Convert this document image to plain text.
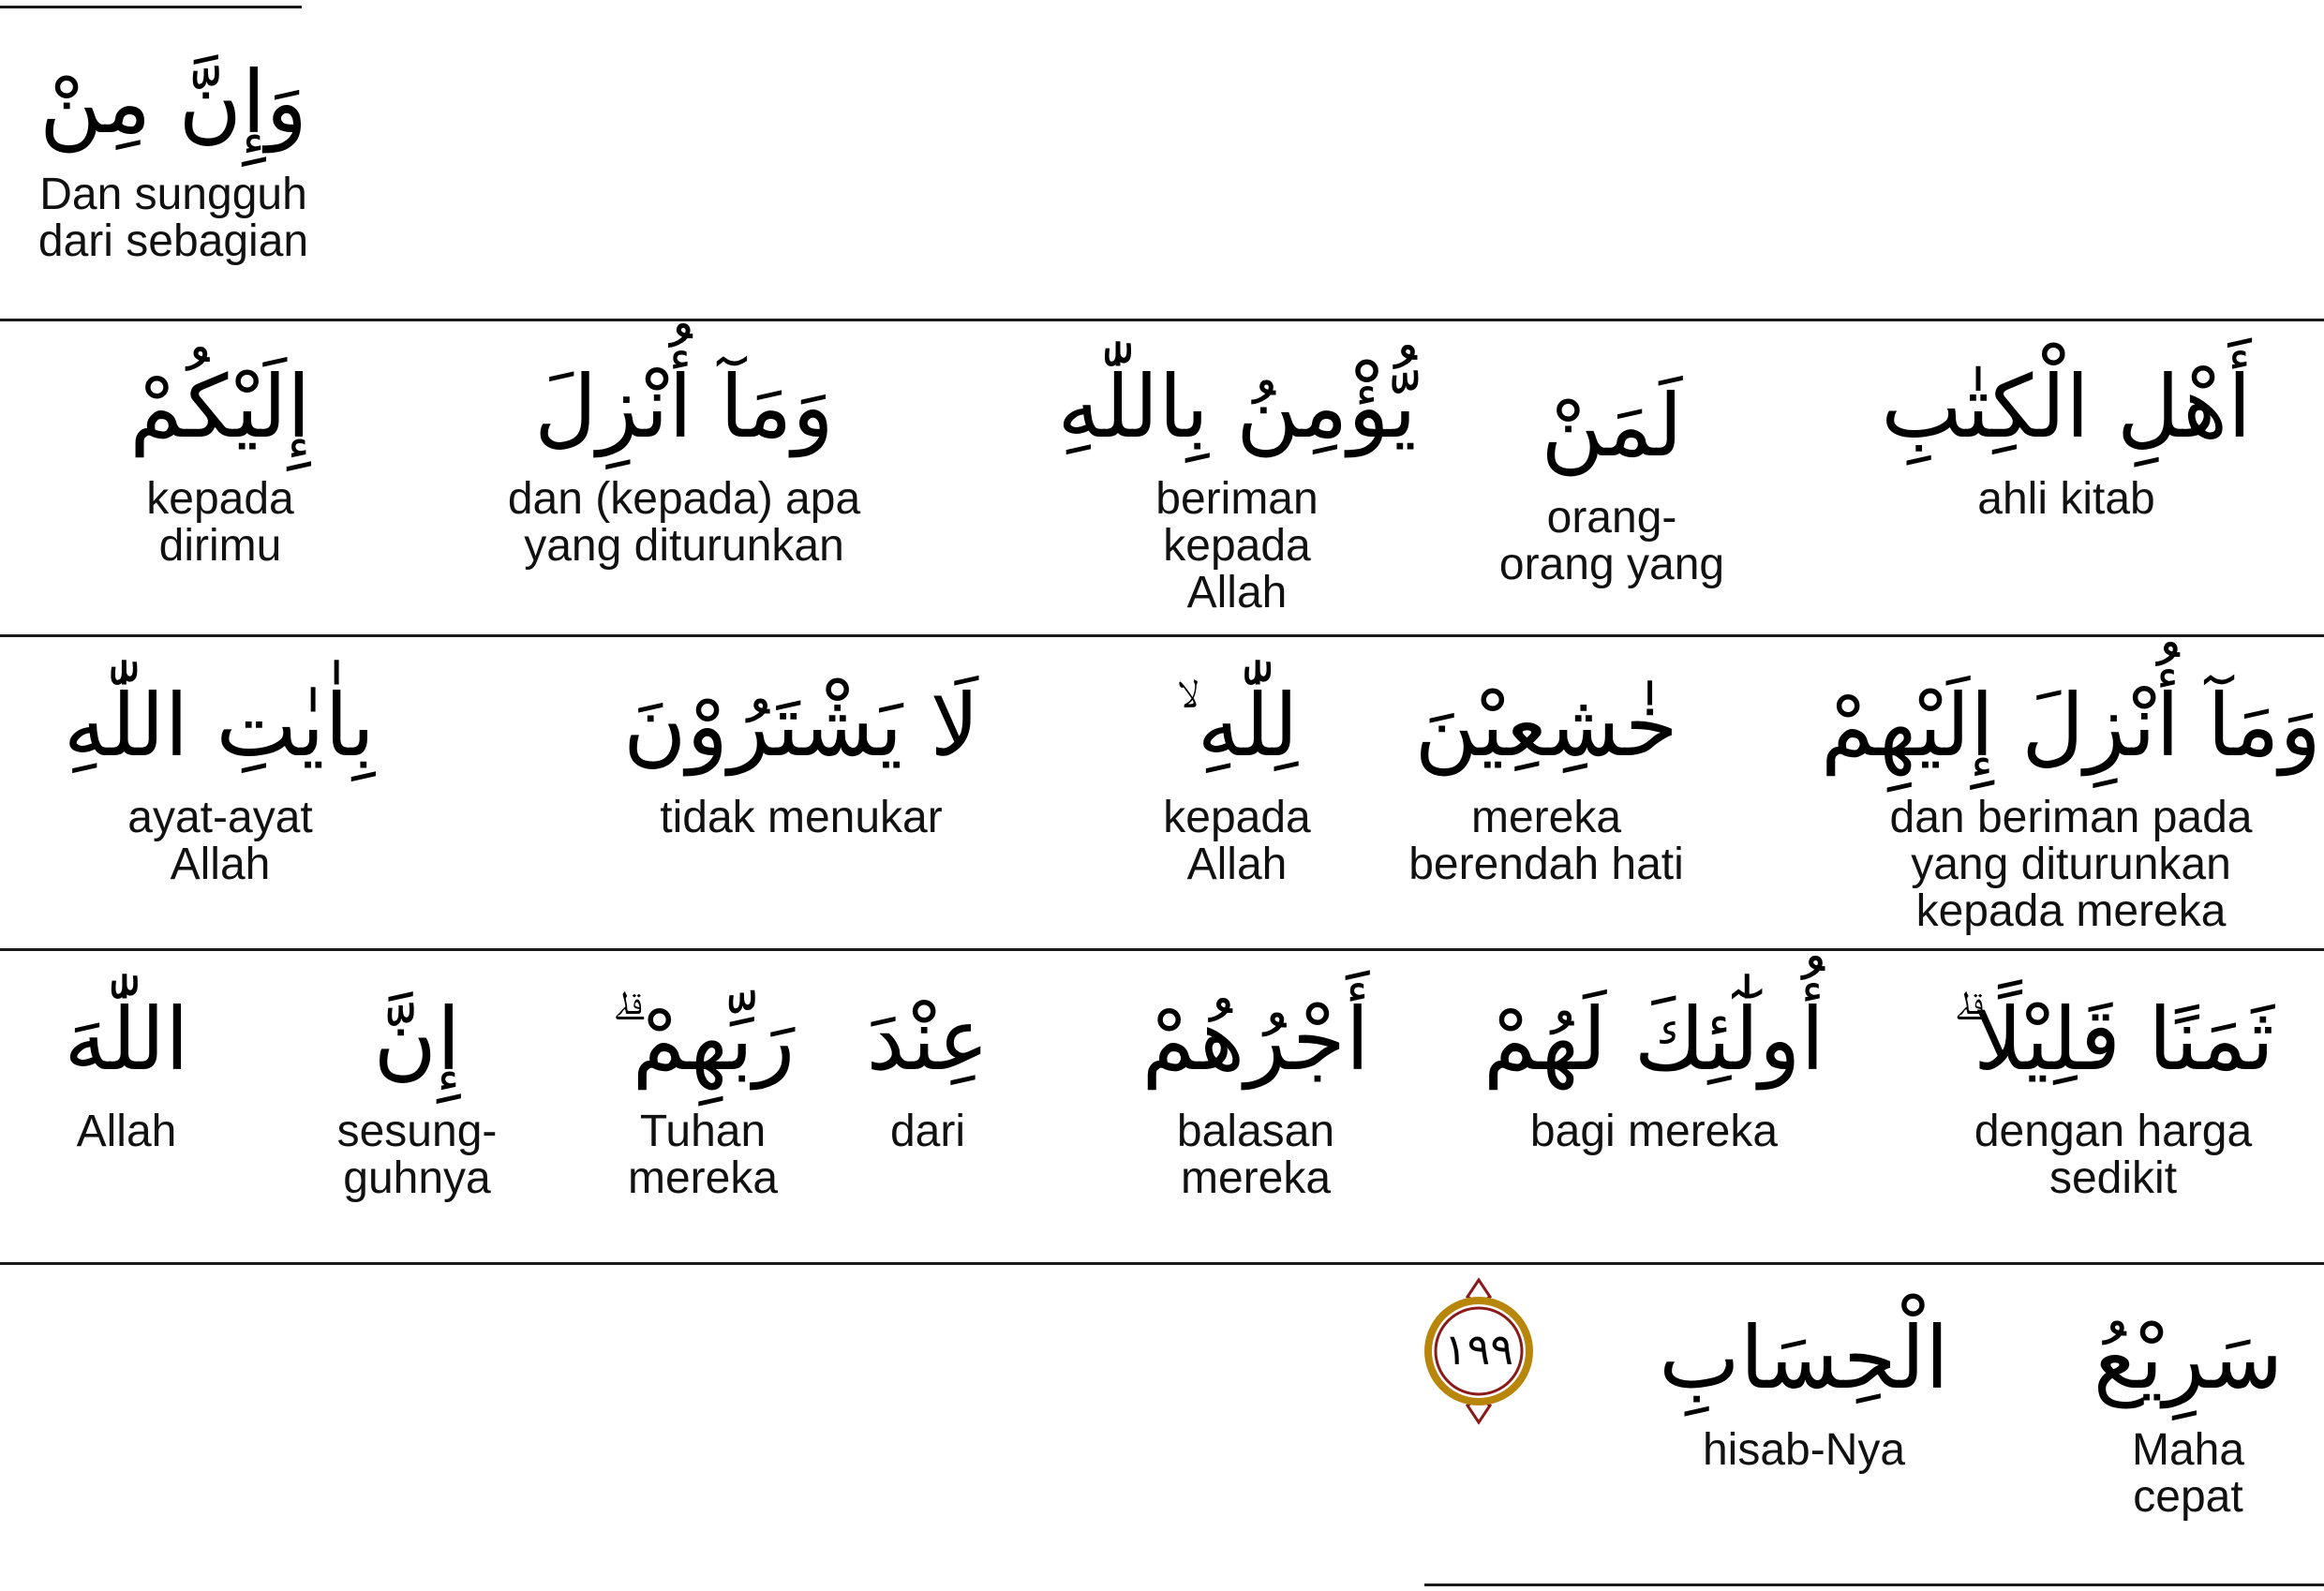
وَإِنَّ مِنْ
Dan sungguh
dari sebagian
أَهْلِ الْكِتٰبِ
ahli kitab
لَمَنْ
orang-
orang yang
يُّؤْمِنُ بِاللّٰهِ
beriman
kepada
Allah
وَمَآ أُنْزِلَ
dan (kepada) apa
yang diturunkan
إِلَيْكُمْ
kepada
dirimu
وَمَآ أُنْزِلَ إِلَيْهِمْ
dan beriman pada
yang diturunkan
kepada mereka
خٰشِعِيْنَ
mereka
berendah hati
لِلّٰهِ ۙ
kepada
Allah
لَا يَشْتَرُوْنَ
tidak menukar
بِاٰيٰتِ اللّٰهِ
ayat-ayat
Allah
ثَمَنًا قَلِيْلًا ۗ
dengan harga
sedikit
أُولٰٓئِكَ لَهُمْ
bagi mereka
أَجْرُهُمْ
balasan
mereka
عِنْدَ
dari
رَبِّهِمْ ۗ
Tuhan
mereka
إِنَّ
sesung-
guhnya
اللّٰهَ
Allah
سَرِيْعُ
Maha
cepat
الْحِسَابِ
hisab-Nya
١٩٩
